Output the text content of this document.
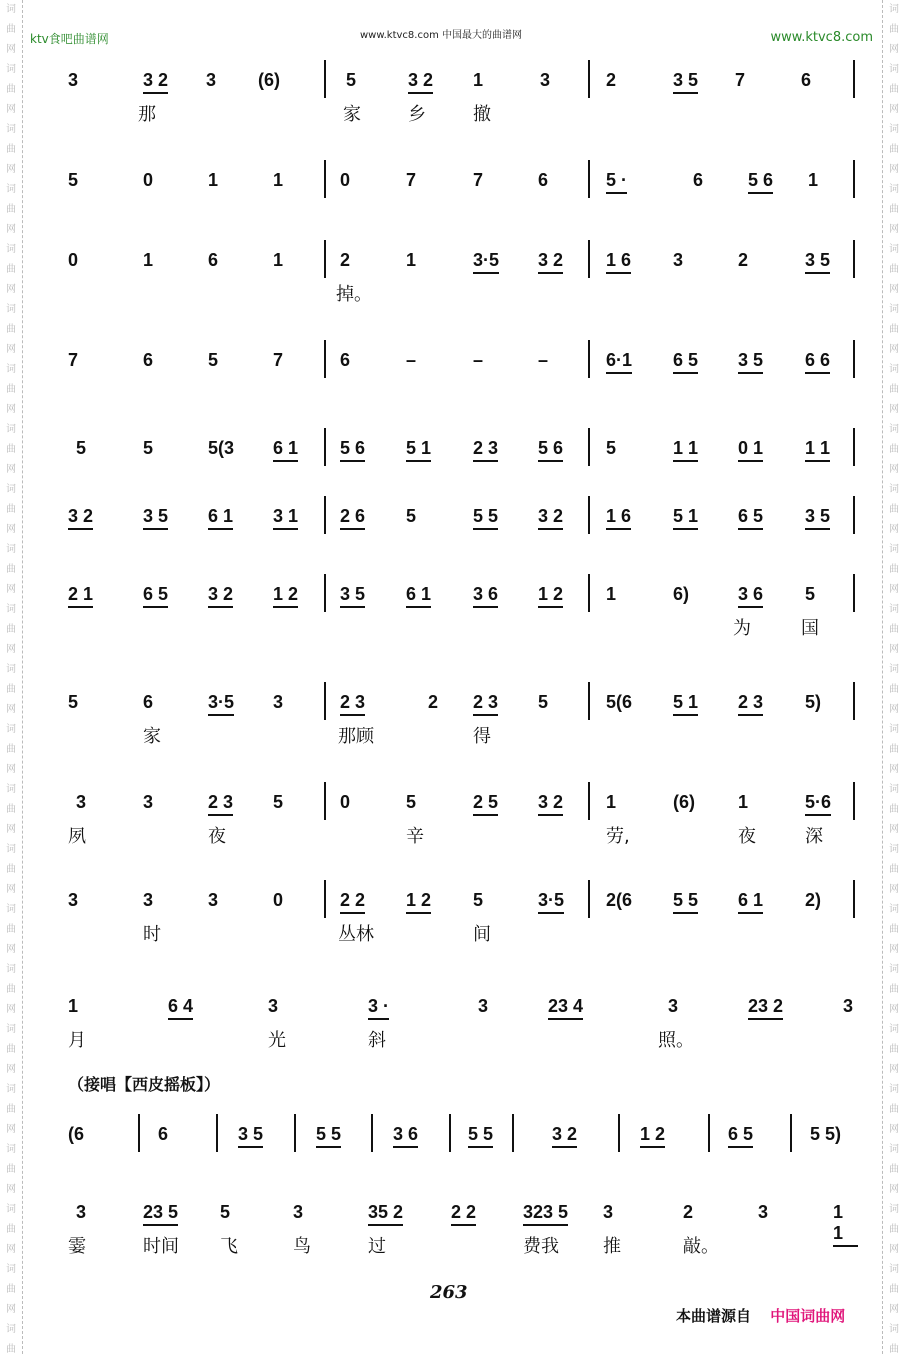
词
曲
网
词
曲
网
词
曲
网
词
曲
网
词
曲
网
词
曲
网
词
曲
网
词
曲
网
词
曲
网
词
曲
网
词
曲
网
词
曲
网
词
曲
网
词
曲
网
词
曲
网
词
曲
网
词
曲
网
词
曲
网
词
曲
网
词
曲
网
词
曲
网
词
曲
网
词
曲
词
曲
网
词
曲
网
词
曲
网
词
曲
网
词
曲
网
词
曲
网
词
曲
网
词
曲
网
词
曲
网
词
曲
网
词
曲
网
词
曲
网
词
曲
网
词
曲
网
词
曲
网
词
曲
网
词
曲
网
词
曲
网
词
曲
网
词
曲
网
词
曲
网
词
曲
网
词
曲
ktv食吧曲谱网	www.ktvc8.com 中国最大的曲谱网	www.ktvc8.com
3	3 2 3 (6)	5	3 2 1	3	2	3 5 7	6
那	家	乡	撤
5	0	1	1	0	7	7	6	5 ·	6 5 6 1
0	1	6	1	2	1	3·5 3 2 1 6 3	2	3 5
掉。
7	6	5	7	6	–	–	–	6·1 6 5 3 5 6 6
5	5	5(3 6 1 5 6 5 1 2 3 5 6 5	1 1 0 1 1 1
3 2	3 5 6 1 3 1 2 6 5	5 5 3 2 1 6 5 1 6 5 3 5
2 1	6 5 3 2 1 2 3 5 6 1 3 6 1 2 1	6)	3 6 5
为	国
5	6	3·5 3	2 3	2 2 3 5	5(6 5 1 2 3 5)
家	那顾	得
3	3	2 3 5	0	5	2 5 3 2 1	(6) 1	5·6
夙	夜	辛	劳,	夜	深
3	3	3	0	2 2 1 2 5	3·5 2(6 5 5 6 1 2)
时	丛林	间
1	6 4	3	3 ·	3	23 4	3	23 2	3
月	光	斜	照。
(6	6	3 5	5 5	3 6	5 5	3 2	1 2	6 5	5 5)
3	23 5 5	3	35 2	2 2	323 5 3	2	3	1 1
霎	时间 飞	鸟	过	费我 推	敲。
（接唱【西皮摇板】）
263
本曲谱源自 中国词曲网
